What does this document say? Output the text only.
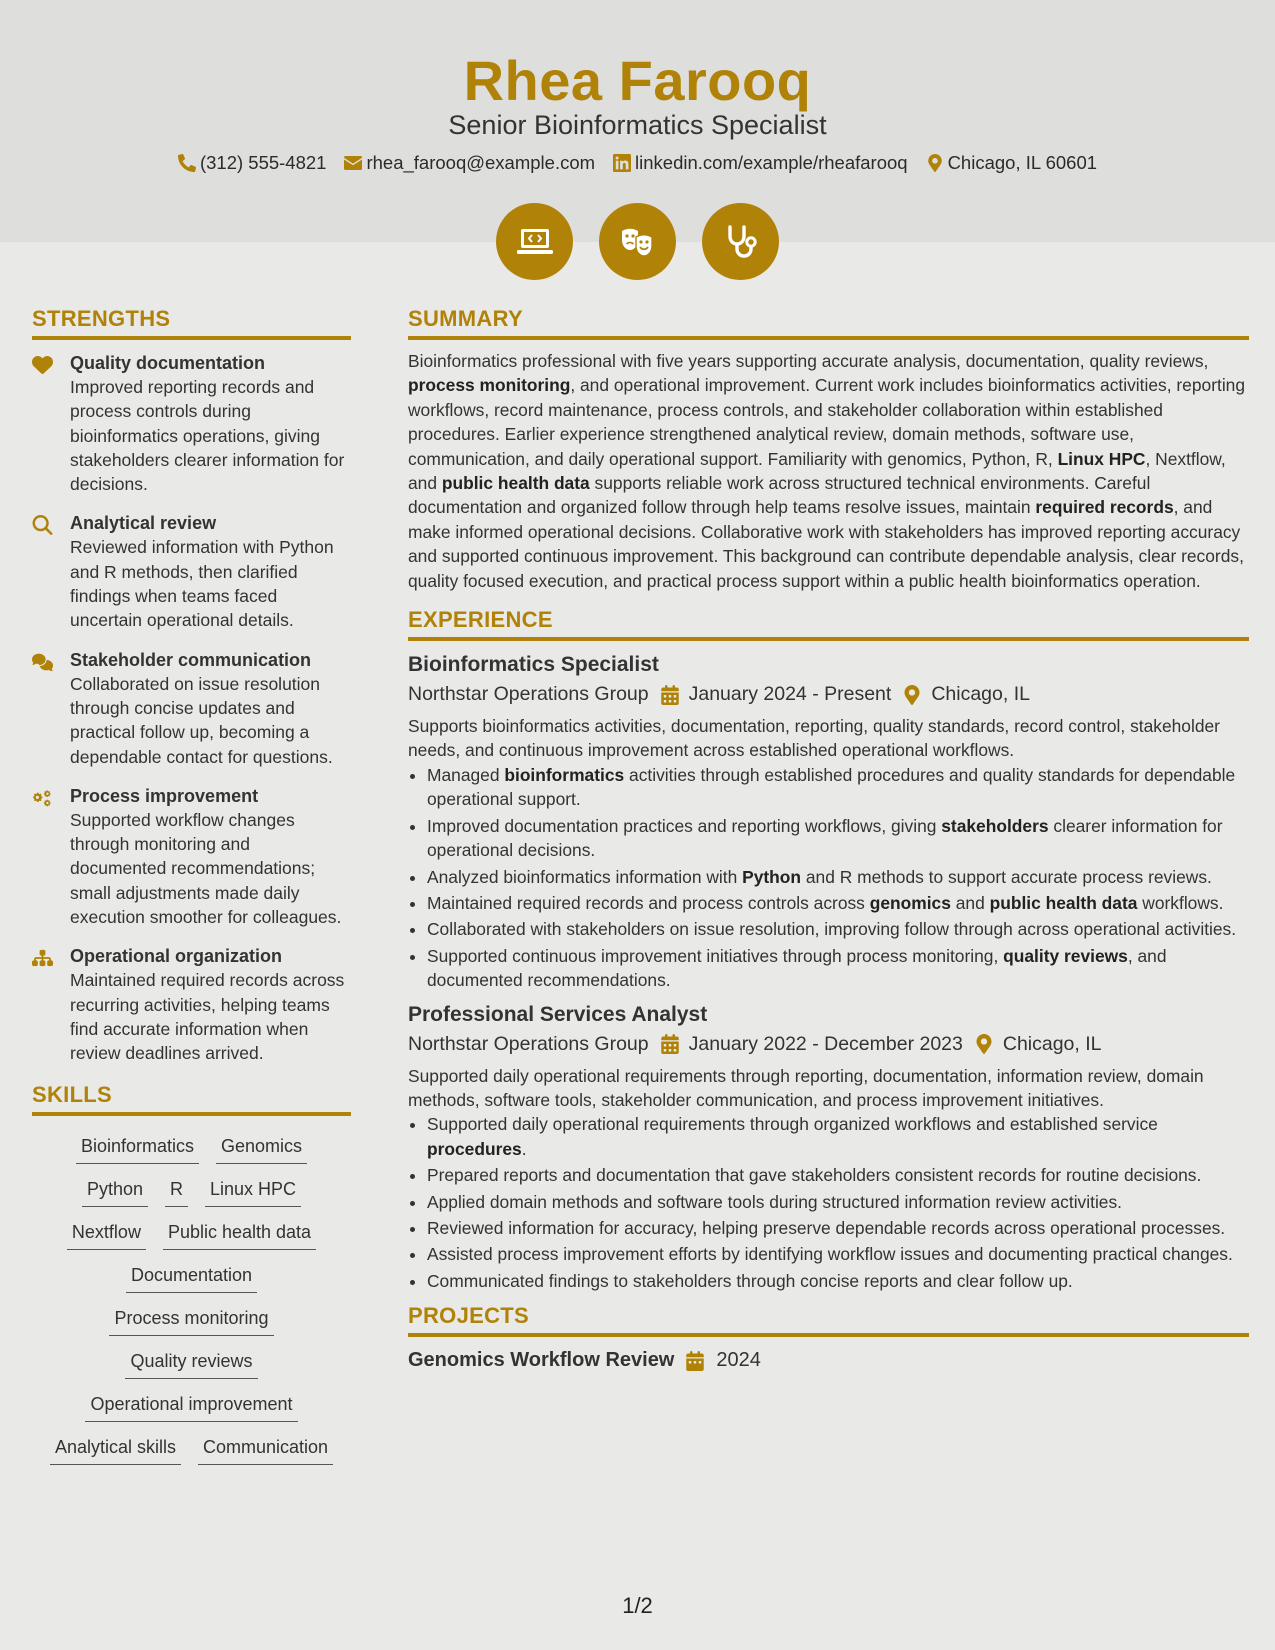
Rhea Farooq
Senior Bioinformatics Specialist
(312) 555-4821 rhea_farooq@example.com linkedin.com/example/rheafarooq Chicago, IL 60601
STRENGTHS
Quality documentation
Improved reporting records and process controls during bioinformatics operations, giving stakeholders clearer information for decisions.
Analytical review
Reviewed information with Python and R methods, then clarified findings when teams faced uncertain operational details.
Stakeholder communication
Collaborated on issue resolution through concise updates and practical follow up, becoming a dependable contact for questions.
Process improvement
Supported workflow changes through monitoring and documented recommendations; small adjustments made daily execution smoother for colleagues.
Operational organization
Maintained required records across recurring activities, helping teams find accurate information when review deadlines arrived.
SKILLS
Bioinformatics Genomics
Python R Linux HPC
Nextflow Public health data
Documentation
Process monitoring
Quality reviews
Operational improvement
Analytical skills Communication
SUMMARY
Bioinformatics professional with five years supporting accurate analysis, documentation, quality reviews, process monitoring, and operational improvement. Current work includes bioinformatics activities, reporting workflows, record maintenance, process controls, and stakeholder collaboration within established procedures. Earlier experience strengthened analytical review, domain methods, software use, communication, and daily operational support. Familiarity with genomics, Python, R, Linux HPC, Nextflow, and public health data supports reliable work across structured technical environments. Careful documentation and organized follow through help teams resolve issues, maintain required records, and make informed operational decisions. Collaborative work with stakeholders has improved reporting accuracy and supported continuous improvement. This background can contribute dependable analysis, clear records, quality focused execution, and practical process support within a public health bioinformatics operation.
EXPERIENCE
Bioinformatics Specialist
Northstar Operations Group January 2024 - Present Chicago, IL
Supports bioinformatics activities, documentation, reporting, quality standards, record control, stakeholder needs, and continuous improvement across established operational workflows.
• Managed bioinformatics activities through established procedures and quality standards for dependable operational support.
• Improved documentation practices and reporting workflows, giving stakeholders clearer information for operational decisions.
• Analyzed bioinformatics information with Python and R methods to support accurate process reviews.
• Maintained required records and process controls across genomics and public health data workflows.
• Collaborated with stakeholders on issue resolution, improving follow through across operational activities.
• Supported continuous improvement initiatives through process monitoring, quality reviews, and documented recommendations.
Professional Services Analyst
Northstar Operations Group January 2022 - December 2023 Chicago, IL
Supported daily operational requirements through reporting, documentation, information review, domain methods, software tools, stakeholder communication, and process improvement initiatives.
• Supported daily operational requirements through organized workflows and established service procedures.
• Prepared reports and documentation that gave stakeholders consistent records for routine decisions.
• Applied domain methods and software tools during structured information review activities.
• Reviewed information for accuracy, helping preserve dependable records across operational processes.
• Assisted process improvement efforts by identifying workflow issues and documenting practical changes.
• Communicated findings to stakeholders through concise reports and clear follow up.
PROJECTS
Genomics Workflow Review 2024
1/2
